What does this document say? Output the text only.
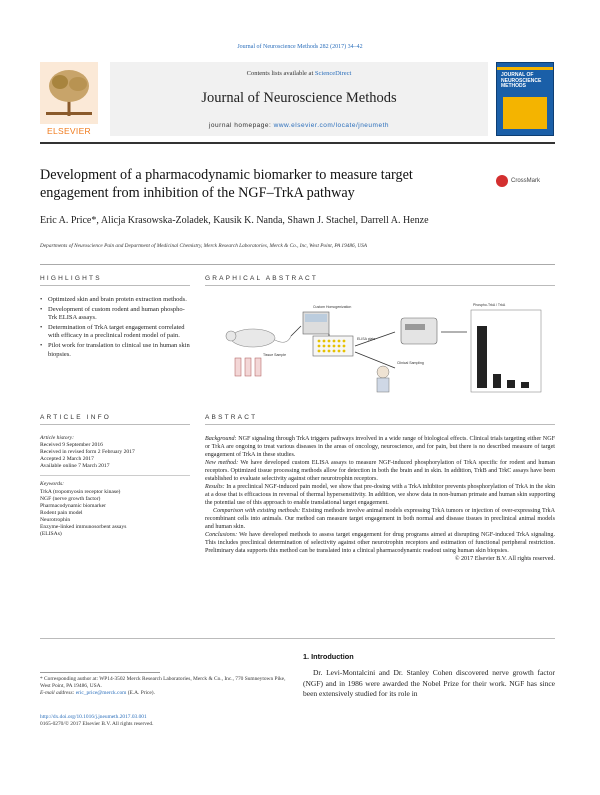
Journal of Neuroscience Methods 282 (2017) 34–42
ELSEVIER
Contents lists available at ScienceDirect
Journal of Neuroscience Methods
journal homepage: www.elsevier.com/locate/jneumeth
JOURNAL OF NEUROSCIENCE METHODS
Development of a pharmacodynamic biomarker to measure target engagement from inhibition of the NGF–TrkA pathway
CrossMark
Eric A. Price*, Alicja Krasowska-Zoladek, Kausik K. Nanda, Shawn J. Stachel, Darrell A. Henze
Departments of Neuroscience Pain and Department of Medicinal Chemistry, Merck Research Laboratories, Merck & Co., Inc, West Point, PA 19486, USA
HIGHLIGHTS	GRAPHICAL ABSTRACT
• Optimized skin and brain protein extraction methods.
• Development of custom rodent and human phospho-Trk ELISA assays.
• Determination of TrkA target engagement correlated with efficacy in a preclinical rodent model of pain.
• Pilot work for translation to clinical use in human skin biopsies.
Custom Homogenization
Tissue Sample
ELISA plate
Clinical Sampling
Phospho-TrkA / TrkA
ARTICLE INFO	ABSTRACT
Article history:
Received 9 September 2016
Received in revised form 2 February 2017
Accepted 2 March 2017
Available online 7 March 2017
Keywords:
TrkA (tropomyosin receptor kinase)
NGF (nerve growth factor)
Pharmacodynamic biomarker
Rodent pain model
Neurotrophin
Enzyme-linked immunosorbent assays
(ELISAs)

Background: NGF signaling through TrkA triggers pathways involved in a wide range of biological effects. Clinical trials targeting either NGF or TrkA are ongoing to treat various diseases in the areas of oncology, neuroscience, and for pain, but there is no described measure of target engagement of TrkA in these studies.

New method: We have developed custom ELISA assays to measure NGF-induced phosphorylation of TrkA specific for rodent and human receptors. Optimized tissue processing methods allow for detection in both the brain and in skin. In addition, TrkB and TrkC assays have been established to evaluate selectivity against other neurotrophin receptors.

Results: In a preclinical NGF-induced pain model, we show that pre-dosing with a TrkA inhibitor prevents phosphorylation of TrkA in the skin at a dose that is efficacious in reversal of thermal hypersensitivity. In addition, we show data in non-human primate and human skin supporting the potential use of this approach to enable translational target engagement.

Comparison with existing methods: Existing methods involve animal models expressing TrkA tumors or injection of over-expressing TrkA recombinant cells into animals. Our method can measure target engagement in both normal and disease tissues in preclinical animal models and human skin.

Conclusions: We have developed methods to assess target engagement for drug programs aimed at disrupting NGF-induced TrkA signaling. This includes preclinical determination of selectivity against other neurotrophin receptors and estimation of functional peripheral restriction. Preliminary data supports this method can be translated into a clinical pharmacodynamic readout using human skin biopsies.

© 2017 Elsevier B.V. All rights reserved.

1. Introduction
Dr. Levi-Montalcini and Dr. Stanley Cohen discovered nerve growth factor (NGF) and in 1986 were awarded the Nobel Prize for their work. NGF has since been extensively studied for its role in
* Corresponding author at: WP14-3502 Merck Research Laboratories, Merck & Co., Inc., 770 Sumneytown Pike, West Point, PA 19486, USA.
E-mail address: eric_price@merck.com (E.A. Price).
http://dx.doi.org/10.1016/j.jneumeth.2017.03.001
0165-0270/© 2017 Elsevier B.V. All rights reserved.
